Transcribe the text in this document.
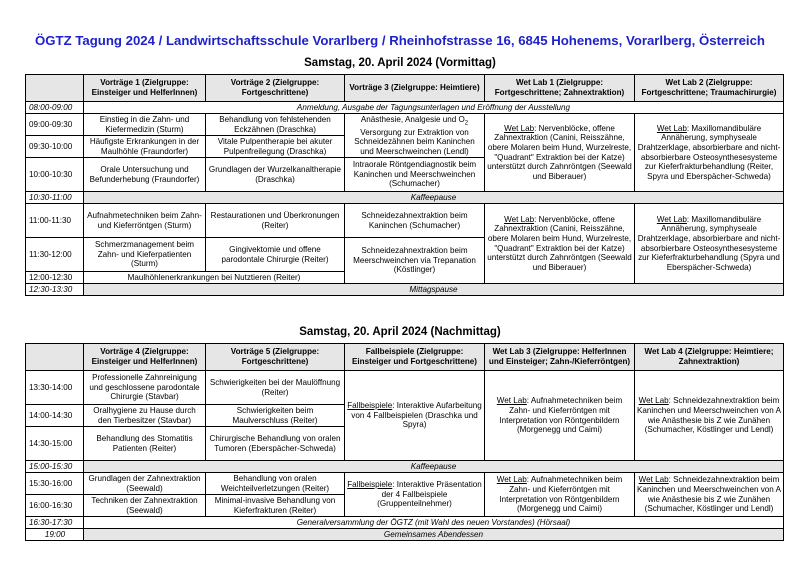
ÖGTZ Tagung 2024 / Landwirtschaftsschule Vorarlberg / Rheinhofstrasse 16, 6845 Hohenems, Vorarlberg, Österreich
Samstag, 20. April 2024 (Vormittag)
	Vorträge 1 (Zielgruppe: Einsteiger und HelferInnen)	Vorträge 2 (Zielgruppe: Fortgeschrittene)	Vorträge 3 (Zielgruppe: Heimtiere)	Wet Lab 1 (Zielgruppe: Fortgeschrittene; Zahnextraktion)	Wet Lab 2 (Zielgruppe: Fortgeschrittene; Traumachirurgie)
08:00-09:00	Anmeldung, Ausgabe der Tagungsunterlagen und Eröffnung der Ausstellung				
09:00-09:30	Einstieg in die Zahn- und Kiefermedizin (Sturm)	Behandlung von fehlstehenden Eckzähnen (Draschka)	Anästhesie, Analgesie und $O_2$ Versorgung zur Extraktion von Schneidezähnen beim Kaninchen und Meerschweinchen (Lendl)	Wet Lab: Nervenblöcke, offene Zahnextraktion (Canini, Reisszähne, obere Molaren beim Hund, Wurzelreste, "Quadrant" Extraktion bei der Katze) unterstützt durch Zahnröntgen (Seewald und Biberauer)	Wet Lab: Maxillomandibuläre Annäherung, symphyseale Drahtzerklage, absorbierbare and nicht-absorbierbare Osteosynthesesysteme zur Kieferfrakturbehandlung (Reiter, Spyra und Eberspächer-Schweda)
09:30-10:00	Häufigste Erkrankungen in der Maulhöhle (Fraundorfer)	Vitale Pulpentherapie bei akuter Pulpenfreilegung (Draschka)			
10:00-10:30	Orale Untersuchung und Befunderhebung (Fraundorfer)	Grundlagen der Wurzelkanaltherapie (Draschka)	Intraorale Röntgendiagnostik beim Kaninchen und Meerschweinchen (Schumacher)		
10:30-11:00	Kaffeepause				
11:00-11:30	Aufnahmetechniken beim Zahn- und Kieferröntgen (Sturm)	Restaurationen und Überkronungen (Reiter)	Schneidezahnextraktion beim Kaninchen (Schumacher)	Wet Lab: Nervenblöcke, offene Zahnextraktion (Canini, Reisszähne, obere Molaren beim Hund, Wurzelreste, "Quadrant" Extraktion bei der Katze) unterstützt durch Zahnröntgen (Seewald und Biberauer)	Wet Lab: Maxillomandibuläre Annäherung, symphyseale Drahtzerklage, absorbierbare and nicht-absorbierbare Osteosynthesesysteme zur Kieferfrakturbehandlung (Spyra und Eberspächer-Schweda)
11:30-12:00	Schmerzmanagement beim Zahn- und Kieferpatienten (Sturm)	Gingivektomie und offene parodontale Chirurgie (Reiter)	Schneidezahnextraktion beim Meerschweinchen via Trepanation (Köstlinger)		
12:00-12:30	Maulhöhlenerkrankungen bei Nutztieren (Reiter)				
12:30-13:30	Mittagspause				
Samstag, 20. April 2024 (Nachmittag)
	Vorträge 4 (Zielgruppe: Einsteiger und HelferInnen)	Vorträge 5 (Zielgruppe: Fortgeschrittene)	Fallbeispiele (Zielgruppe: Einsteiger und Fortgeschrittene)	Wet Lab 3 (Zielgruppe: HelferInnen und Einsteiger; Zahn-/Kieferröntgen)	Wet Lab 4 (Zielgruppe: Heimtiere; Zahnextraktion)
13:30-14:00	Professionelle Zahnreinigung und geschlossene parodontale Chirurgie (Stavbar)	Schwierigkeiten bei der Maulöffnung (Reiter)	Fallbeispiele: Interaktive Aufarbeitung von 4 Fallbeispielen (Draschka und Spyra)	Wet Lab: Aufnahmetechniken beim Zahn- und Kieferröntgen mit Interpretation von Röntgenbildern (Morgenegg und Caimi)	Wet Lab: Schneidezahnextraktion beim Kaninchen und Meerschweinchen von A wie Anästhesie bis Z wie Zunähen (Schumacher, Köstlinger und Lendl)
14:00-14:30	Oralhygiene zu Hause durch den Tierbesitzer (Stavbar)	Schwierigkeiten beim Maulverschluss (Reiter)			
14:30-15:00	Behandlung des Stomatitis Patienten (Reiter)	Chirurgische Behandlung von oralen Tumoren (Eberspächer-Schweda)			
15:00-15:30	Kaffeepause				
15:30-16:00	Grundlagen der Zahnextraktion (Seewald)	Behandlung von oralen Weichteilverletzungen (Reiter)	Fallbeispiele: Interaktive Präsentation der 4 Fallbeispiele (Gruppenteilnehmer)	Wet Lab: Aufnahmetechniken beim Zahn- und Kieferröntgen mit Interpretation von Röntgenbildern (Morgenegg und Caimi)	Wet Lab: Schneidezahnextraktion beim Kaninchen und Meerschweinchen von A wie Anästhesie bis Z wie Zunähen (Schumacher, Köstlinger und Lendl)
16:00-16:30	Techniken der Zahnextraktion (Seewald)	Minimal-invasive Behandlung von Kieferfrakturen (Reiter)			
16:30-17:30	Generalversammlung der ÖGTZ (mit Wahl des neuen Vorstandes) (Hörsaal)				
19:00	Gemeinsames Abendessen				
